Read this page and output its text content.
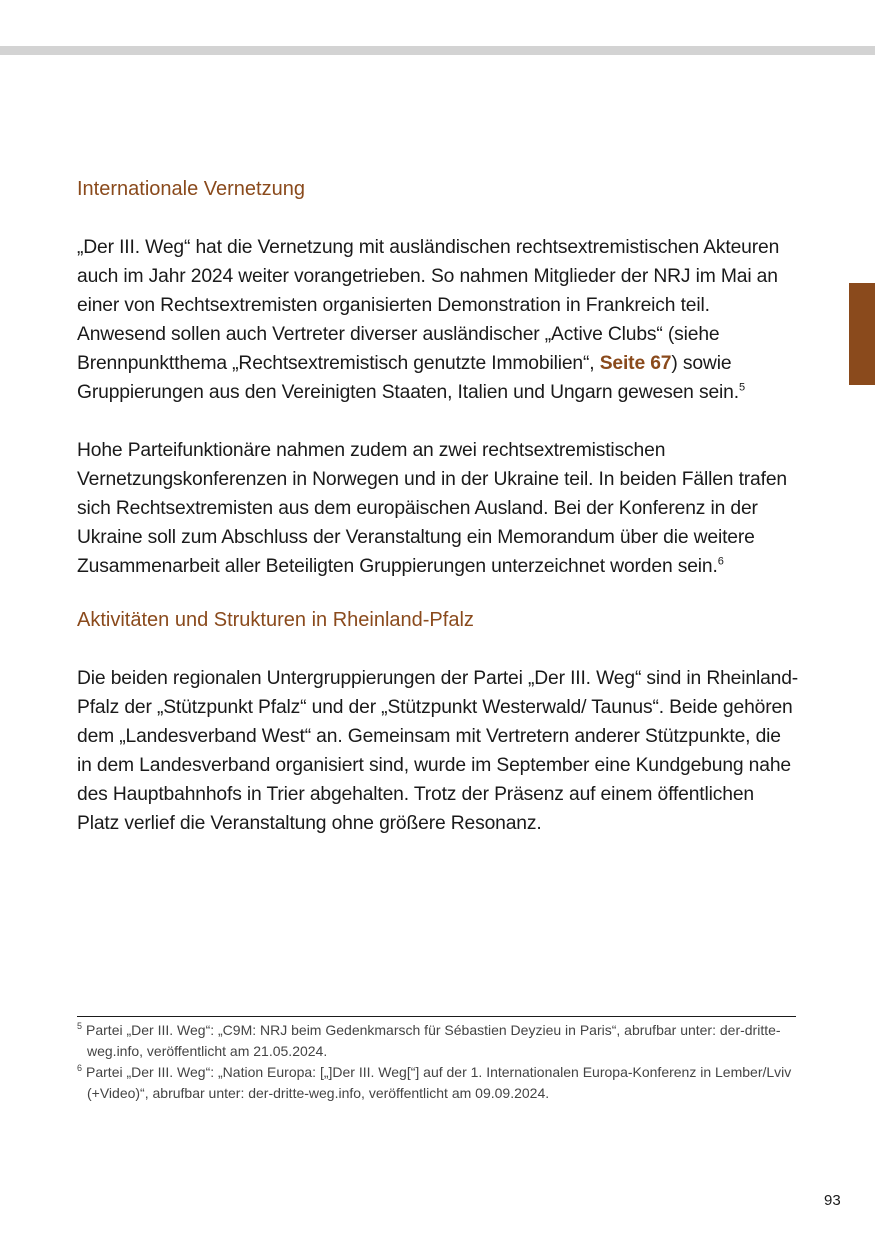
Internationale Vernetzung

„Der III. Weg“ hat die Vernetzung mit ausländischen rechtsextremistischen Akteuren auch im Jahr 2024 weiter vorangetrieben. So nahmen Mitglieder der NRJ im Mai an einer von Rechtsextremisten organisierten Demonstration in Frankreich teil. Anwesend sollen auch Vertreter diverser ausländischer „Active Clubs“ (siehe Brennpunktthema „Rechtsextremistisch genutzte Immobilien“, Seite 67) sowie Gruppierungen aus den Vereinigten Staaten, Italien und Ungarn gewesen sein.$^5$

Hohe Parteifunktionäre nahmen zudem an zwei rechtsextremistischen Vernetzungskonferenzen in Norwegen und in der Ukraine teil. In beiden Fällen trafen sich Rechtsextremisten aus dem europäischen Ausland. Bei der Konferenz in der Ukraine soll zum Abschluss der Veranstaltung ein Memorandum über die weitere Zusammenarbeit aller Beteiligten Gruppierungen unterzeichnet worden sein.$^6$

Aktivitäten und Strukturen in Rheinland-Pfalz

Die beiden regionalen Untergruppierungen der Partei „Der III. Weg“ sind in Rheinland-Pfalz der „Stützpunkt Pfalz“ und der „Stützpunkt Westerwald/ Taunus“. Beide gehören dem „Landesverband West“ an. Gemeinsam mit Vertretern anderer Stützpunkte, die in dem Landesverband organisiert sind, wurde im September eine Kundgebung nahe des Hauptbahnhofs in Trier abgehalten. Trotz der Präsenz auf einem öffentlichen Platz verlief die Veranstaltung ohne größere Resonanz.

$^5$ Partei „Der III. Weg“: „C9M: NRJ beim Gedenkmarsch für Sébastien Deyzieu in Paris“, abrufbar unter: der-dritte-weg.info, veröffentlicht am 21.05.2024.

$^6$ Partei „Der III. Weg“: „Nation Europa: [„]Der III. Weg[“] auf der 1. Internationalen Europa-Konferenz in Lember/Lviv (+Video)“, abrufbar unter: der-dritte-weg.info, veröffentlicht am 09.09.2024.

93
